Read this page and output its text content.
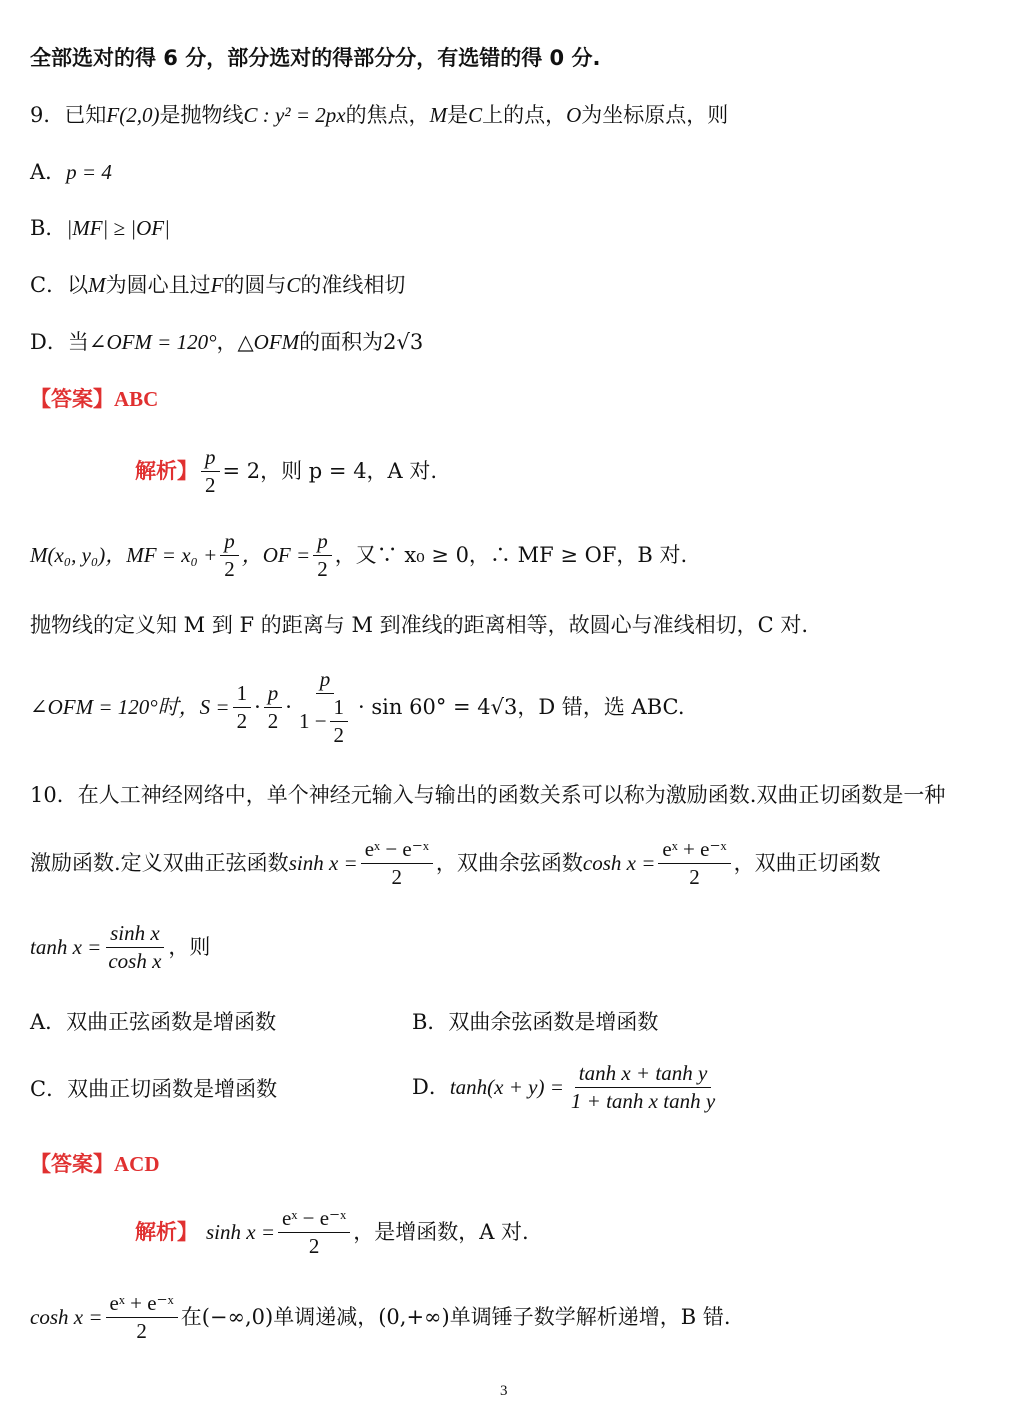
全部选对的得 6 分，部分选对的得部分分，有选错的得 0 分.
9．已知 F(2,0) 是抛物线 C : y² = 2px 的焦点， M 是 C 上的点， O 为坐标原点，则
A． p = 4
B． |MF| ≥ |OF|
C．以 M 为圆心且过 F 的圆与 C 的准线相切
D．当 ∠OFM = 120° ， △OFM 的面积为 2√3
【答案】 ABC
解析】 $\frac{p}{2} = 2$，则 p = 4，A 对.
M(x₀, y₀)，MF = $x_0 + \frac{p}{2}$ ，OF = $\frac{p}{2}$ ，又∵ x₀ ≥ 0，∴ MF ≥ OF，B 对.
抛物线的定义知 M 到 F 的距离与 M 到准线的距离相等，故圆心与准线相切，C 对.
∠OFM = 120°时，$S = \frac{1}{2} \cdot \frac{p}{2} \cdot \frac{p}{1 - \frac{1}{2}} \cdot \sin 60^\circ = 4√3$，D 错，选 ABC.
10．在人工神经网络中，单个神经元输入与输出的函数关系可以称为激励函数.双曲正切函数是一种
激励函数.定义双曲正弦函数 $\sinh x = \frac{\text{eˣ − e⁻ˣ}}{2}$ ，双曲余弦函数 $\cosh x = \frac{\text{eˣ + e⁻ˣ}}{2}$ ，双曲正切函数
$\tanh x = \frac{\text{sinh x}}{\text{cosh x}}$ ，则
A．双曲正弦函数是增函数	B．双曲余弦函数是增函数
C．双曲正切函数是增函数	D． $\tanh(x + y) = \frac{\text{tanh x + tanh y}}{\text{1 + tanh x tanh y}}$
【答案】 ACD
解析】 $\sinh x = \frac{\text{eˣ − e⁻ˣ}}{2}$ ，是增函数，A 对.
$\cosh x = \frac{\text{eˣ + e⁻ˣ}}{2}$ 在(−∞,0)单调递减，(0,+∞)单调锤子数学解析递增，B 错.
3
